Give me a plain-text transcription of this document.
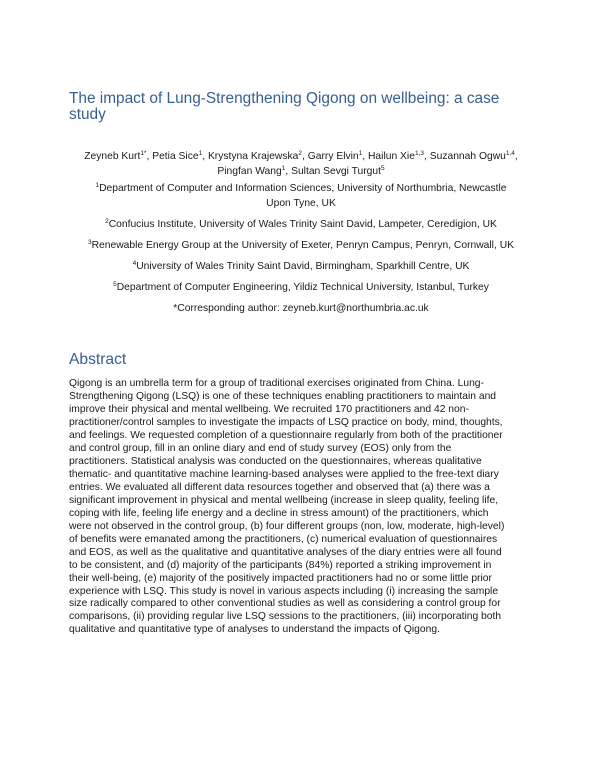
The impact of Lung-Strengthening Qigong on wellbeing: a case
study
Zeyneb Kurt$^{1*}$, Petia Sice$^1$, Krystyna Krajewska$^2$, Garry Elvin$^1$, Hailun Xie$^{1,3}$, Suzannah Ogwu$^{1,4}$,
Pingfan Wang$^1$, Sultan Sevgi Turgut$^5$
$^1$Department of Computer and Information Sciences, University of Northumbria, Newcastle
Upon Tyne, UK
$^2$Confucius Institute, University of Wales Trinity Saint David, Lampeter, Ceredigion, UK
$^3$Renewable Energy Group at the University of Exeter, Penryn Campus, Penryn, Cornwall, UK
$^4$University of Wales Trinity Saint David, Birmingham, Sparkhill Centre, UK
$^5$Department of Computer Engineering, Yildiz Technical University, Istanbul, Turkey
*Corresponding author: zeyneb.kurt@northumbria.ac.uk
Abstract
Qigong is an umbrella term for a group of traditional exercises originated from China. Lung-
Strengthening Qigong (LSQ) is one of these techniques enabling practitioners to maintain and
improve their physical and mental wellbeing. We recruited 170 practitioners and 42 non-
practitioner/control samples to investigate the impacts of LSQ practice on body, mind, thoughts,
and feelings. We requested completion of a questionnaire regularly from both of the practitioner
and control group, fill in an online diary and end of study survey (EOS) only from the
practitioners. Statistical analysis was conducted on the questionnaires, whereas qualitative
thematic- and quantitative machine learning-based analyses were applied to the free-text diary
entries. We evaluated all different data resources together and observed that (a) there was a
significant improvement in physical and mental wellbeing (increase in sleep quality, feeling life,
coping with life, feeling life energy and a decline in stress amount) of the practitioners, which
were not observed in the control group, (b) four different groups (non, low, moderate, high-level)
of benefits were emanated among the practitioners, (c) numerical evaluation of questionnaires
and EOS, as well as the qualitative and quantitative analyses of the diary entries were all found
to be consistent, and (d) majority of the participants (84%) reported a striking improvement in
their well-being, (e) majority of the positively impacted practitioners had no or some little prior
experience with LSQ. This study is novel in various aspects including (i) increasing the sample
size radically compared to other conventional studies as well as considering a control group for
comparisons, (ii) providing regular live LSQ sessions to the practitioners, (iii) incorporating both
qualitative and quantitative type of analyses to understand the impacts of Qigong.
